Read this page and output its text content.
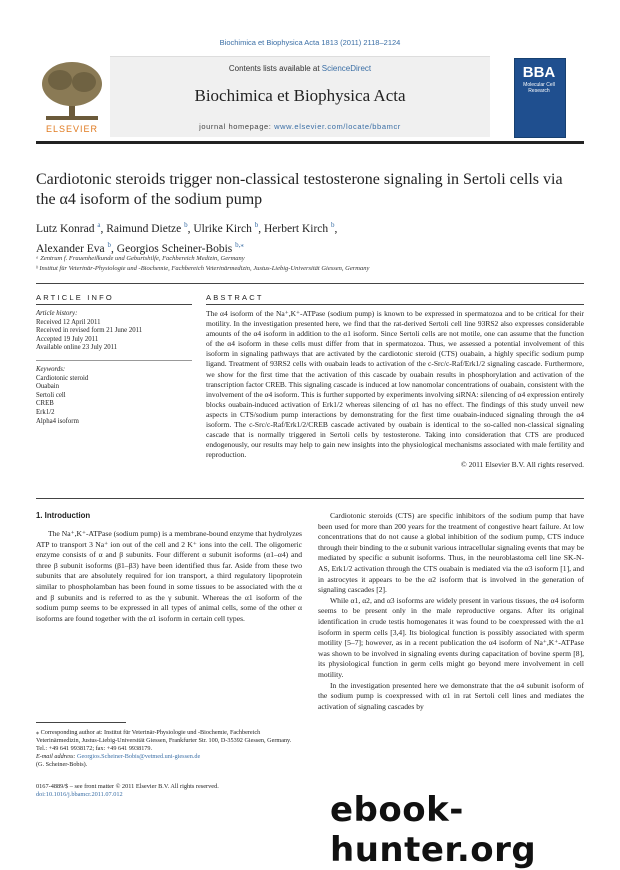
Biochimica et Biophysica Acta 1813 (2011) 2118–2124
ELSEVIER
Contents lists available at ScienceDirect
Biochimica et Biophysica Acta
journal homepage: www.elsevier.com/locate/bbamcr
BBA
Molecular Cell Research
Cardiotonic steroids trigger non-classical testosterone signaling in Sertoli cells via the α4 isoform of the sodium pump
Lutz Konrad $^a$, Raimund Dietze $^b$, Ulrike Kirch $^b$, Herbert Kirch $^b$,
Alexander Eva $^b$, Georgios Scheiner-Bobis $^{b,⁎}$
ᵃ Zentrum f. Frauenheilkunde und Geburtshilfe, Fachbereich Medizin, Germany
ᵇ Institut für Veterinär-Physiologie und -Biochemie, Fachbereich Veterinärmedizin, Justus-Liebig-Universität Giessen, Germany
ARTICLE INFO	ABSTRACT
Article history:
Received 12 April 2011
Received in revised form 21 June 2011
Accepted 19 July 2011
Available online 23 July 2011
Keywords:
Cardiotonic steroid
Ouabain
Sertoli cell
CREB
Erk1/2
Alpha4 isoform

The α4 isoform of the Na⁺,K⁺-ATPase (sodium pump) is known to be expressed in spermatozoa and to be critical for their motility. In the investigation presented here, we find that the rat-derived Sertoli cell line 93RS2 also expresses considerable amounts of the α4 isoform in addition to the α1 isoform. Since Sertoli cells are not motile, one can assume that the function of the α4 isoform in these cells must differ from that in spermatozoa. Thus, we assessed a potential involvement of this isoform in signaling pathways that are activated by the cardiotonic steroid (CTS) ouabain, a highly specific sodium pump ligand. Treatment of 93RS2 cells with ouabain leads to activation of the c-Src/c-Raf/Erk1/2 signaling cascade. Furthermore, we show for the first time that the activation of this cascade by ouabain results in phosphorylation and activation of the transcription factor CREB. This signaling cascade is induced at low nanomolar concentrations of ouabain, consistent with the involvement of the α4 isoform. This is further supported by experiments involving siRNA: silencing of α4 expression entirely blocks ouabain-induced activation of Erk1/2 whereas silencing of α1 has no effect. The findings of this study unveil new aspects in CTS/sodium pump interactions by demonstrating for the first time ouabain-induced signaling through the α4 isoform. The c-Src/c-Raf/Erk1/2/CREB cascade activated by ouabain is identical to the so-called non-classical signaling cascade that is normally triggered in Sertoli cells by testosterone. Taking into consideration that CTS are produced endogenously, our results may help to gain new insights into the physiological mechanisms associated with male fertility and reproduction.

© 2011 Elsevier B.V. All rights reserved.

1. Introduction

The Na⁺,K⁺-ATPase (sodium pump) is a membrane-bound enzyme that hydrolyzes ATP to transport 3 Na⁺ ion out of the cell and 2 K⁺ ions into the cell. The oligomeric enzyme consists of α and β subunits. Four different α subunit isoforms (α1–α4) and three β subunit isoforms (β1–β3) have been identified thus far. Aside from these two subunits that are absolutely required for ion transport, a third regulatory lipoprotein similar to phospholamban has been found in some tissues to be associated with the α and β subunits and is referred to as the γ subunit. Whereas the α1 isoform of the sodium pump seems to be expressed in all types of animal cells, some of the other α isoforms are found together with the α1 isoform in certain cell types.

Cardiotonic steroids (CTS) are specific inhibitors of the sodium pump that have been used for more than 200 years for the treatment of congestive heart failure. At low concentrations that do not cause a global inhibition of the sodium pump, CTS induce through their binding to the α subunit various intracellular signaling events that may be mediated by specific α subunit isoforms. Thus, in the neuroblastoma cell line SK-N-AS, Erk1/2 activation through the CTS ouabain is mediated via the α3 isoform [1], and in astrocytes it appears to be the α2 isoform that is involved in the generation of signaling cascades [2].

While α1, α2, and α3 isoforms are widely present in various tissues, the α4 isoform seems to be present only in the male reproductive organs. After its original identification in crude testis homogenates it was found to be coexpressed with the α1 isoform in sperm cells [3,4]. Its biological function is possibly associated with sperm motility [5–7]; however, as in a recent publication the α4 isoform of Na⁺,K⁺-ATPase was shown to be involved in signaling events during capacitation of bovine sperm [8], its physiological function in germ cells might go beyond mere involvement in cell motility.

In the investigation presented here we demonstrate that the α4 subunit isoform of the sodium pump is coexpressed with α1 in rat Sertoli cell lines and mediates the activation of signaling cascades by

⁎ Corresponding author at: Institut für Veterinär-Physiologie und -Biochemie, Fachbereich Veterinärmedizin, Justus-Liebig-Universität Giessen, Frankfurter Str. 100, D-35392 Giessen, Germany. Tel.: +49 641 9938172; fax: +49 641 9938179.

E-mail address: Georgios.Scheiner-Bobis@vetmed.uni-giessen.de

(G. Scheiner-Bobis).

0167-4889/$ – see front matter © 2011 Elsevier B.V. All rights reserved.
doi:10.1016/j.bbamcr.2011.07.012	ebook-hunter.org
